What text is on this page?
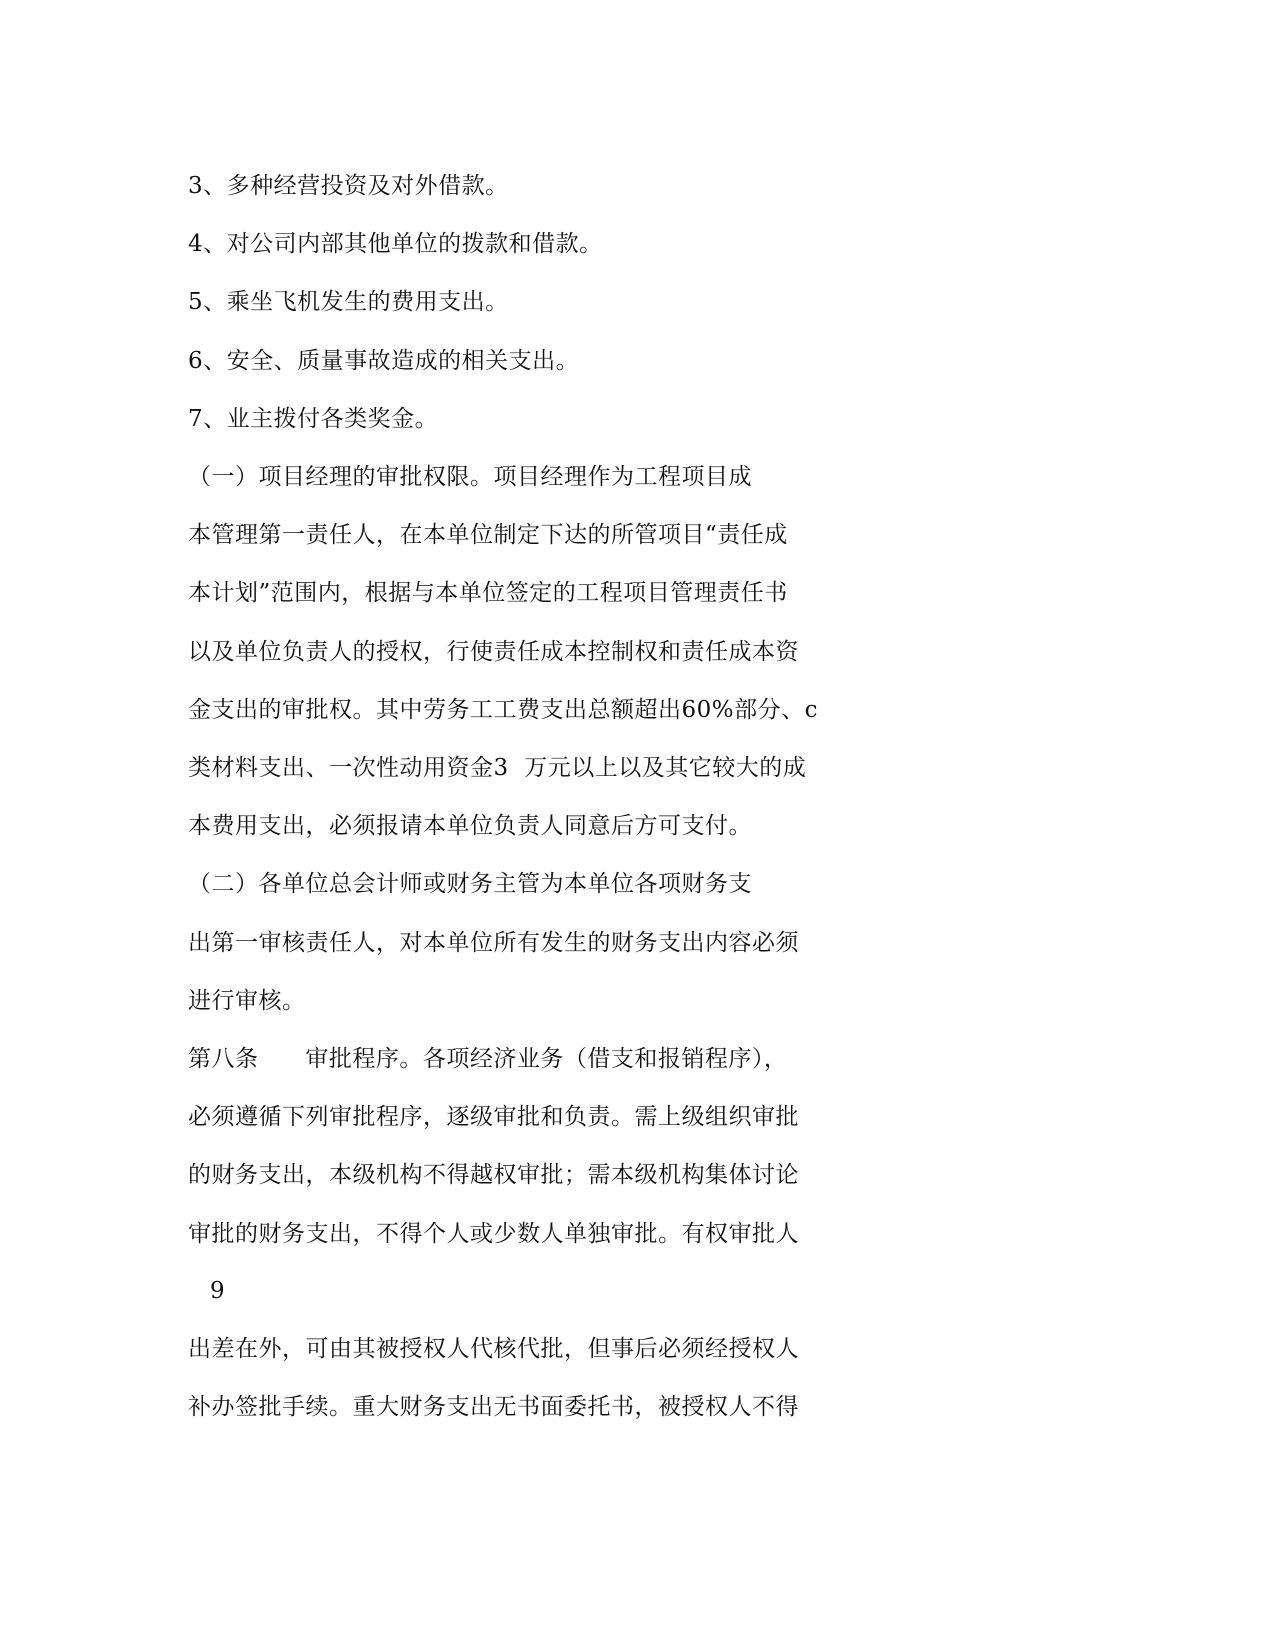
3、多种经营投资及对外借款。
4、对公司内部其他单位的拨款和借款。
5、乘坐飞机发生的费用支出。
6、安全、质量事故造成的相关支出。
7、业主拨付各类奖金。
（一）项目经理的审批权限。项目经理作为工程项目成
本管理第一责任人，在本单位制定下达的所管项目“责任成
本计划”范围内，根据与本单位签定的工程项目管理责任书
以及单位负责人的授权，行使责任成本控制权和责任成本资
金支出的审批权。其中劳务工工费支出总额超出60%部分、c
类材料支出、一次性动用资金3  万元以上以及其它较大的成
本费用支出，必须报请本单位负责人同意后方可支付。
（二）各单位总会计师或财务主管为本单位各项财务支
出第一审核责任人，对本单位所有发生的财务支出内容必须
进行审核。
第八条      审批程序。各项经济业务（借支和报销程序），
必须遵循下列审批程序，逐级审批和负责。需上级组织审批
的财务支出，本级机构不得越权审批；需本级机构集体讨论
审批的财务支出，不得个人或少数人单独审批。有权审批人
9
出差在外，可由其被授权人代核代批，但事后必须经授权人
补办签批手续。重大财务支出无书面委托书，被授权人不得
